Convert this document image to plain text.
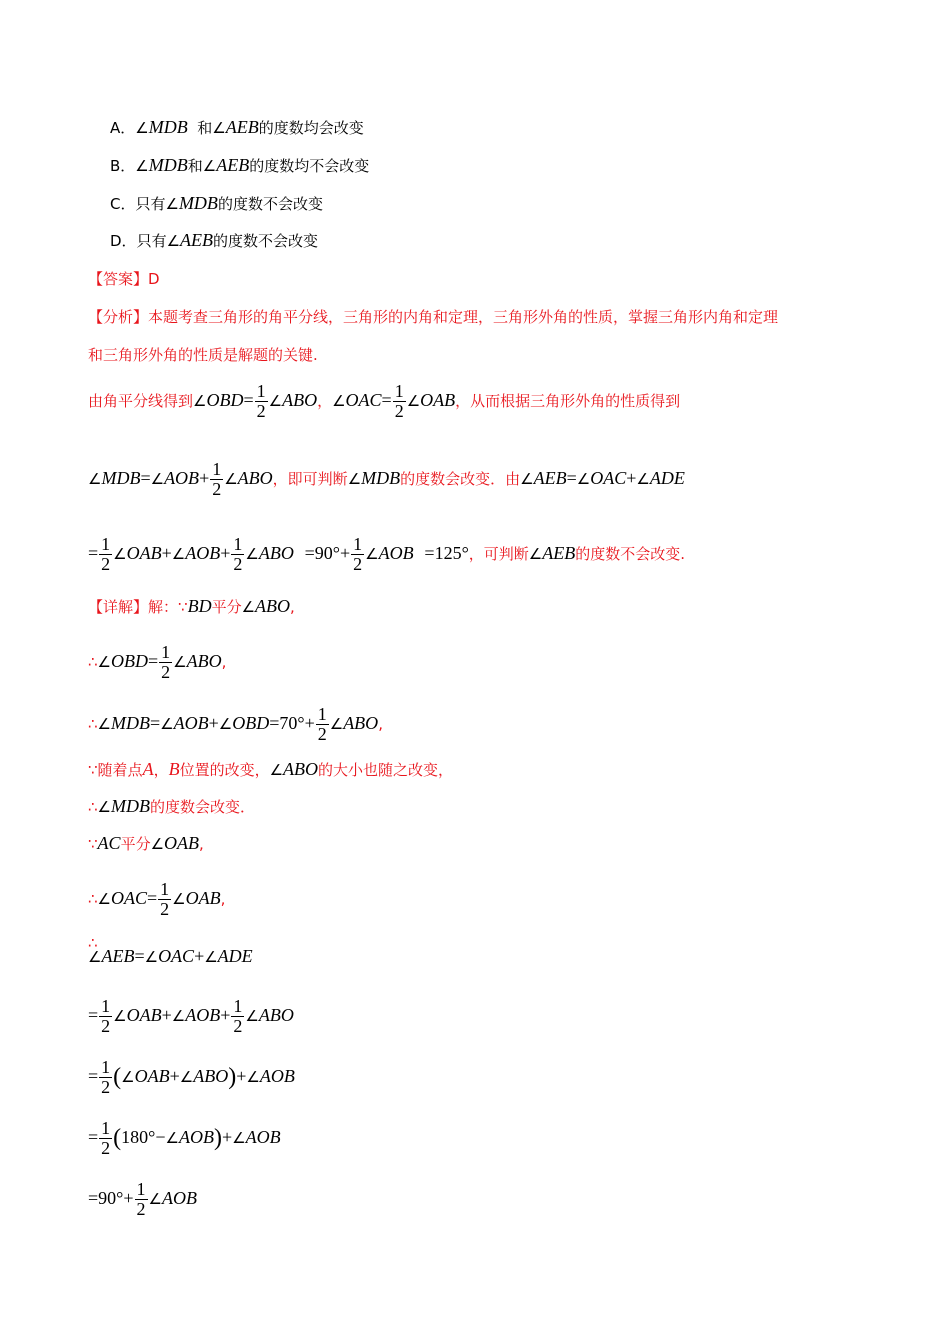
A．∠MDB  和∠AEB的度数均会改变
B．∠MDB和∠AEB的度数均不会改变
C．只有∠MDB的度数不会改变
D．只有∠AEB的度数不会改变
【答案】D
【分析】本题考查三角形的角平分线，三角形的内角和定理，三角形外角的性质，掌握三角形内角和定理
和三角形外角的性质是解题的关键.
由角平分线得到∠OBD= $\frac{1}{2}$ ∠ABO，∠OAC= $\frac{1}{2}$ ∠OAB，从而根据三角形外角的性质得到
∠MDB=∠AOB+ $\frac{1}{2}$ ∠ABO，即可判断∠MDB的度数会改变．由∠AEB=∠OAC+∠ADE
= $\frac{1}{2}$ ∠OAB+∠AOB+ $\frac{1}{2}$ ∠ABO $=90^\circ+ \frac{1}{2}$ ∠AOB =125°，可判断∠AEB的度数不会改变.
【详解】解：∵BD平分∠ABO,
∴∠OBD= $\frac{1}{2}$ ∠ABO,
∴∠MDB=∠AOB+∠OBD=70°+ $\frac{1}{2}$ ∠ABO,
∵随着点A，B位置的改变，∠ABO的大小也随之改变，
∴∠MDB的度数会改变．
∵AC平分∠OAB,
∴∠OAC= $\frac{1}{2}$ ∠OAB,
∴
∠AEB=∠OAC+∠ADE
= $\frac{1}{2}$ ∠OAB+∠AOB+ $\frac{1}{2}$ ∠ABO
= $\frac{1}{2}$ (∠OAB+∠ABO)+∠AOB
= $\frac{1}{2}$ (180°−∠AOB)+∠AOB
$=90^\circ+ \frac{1}{2}$ ∠AOB
